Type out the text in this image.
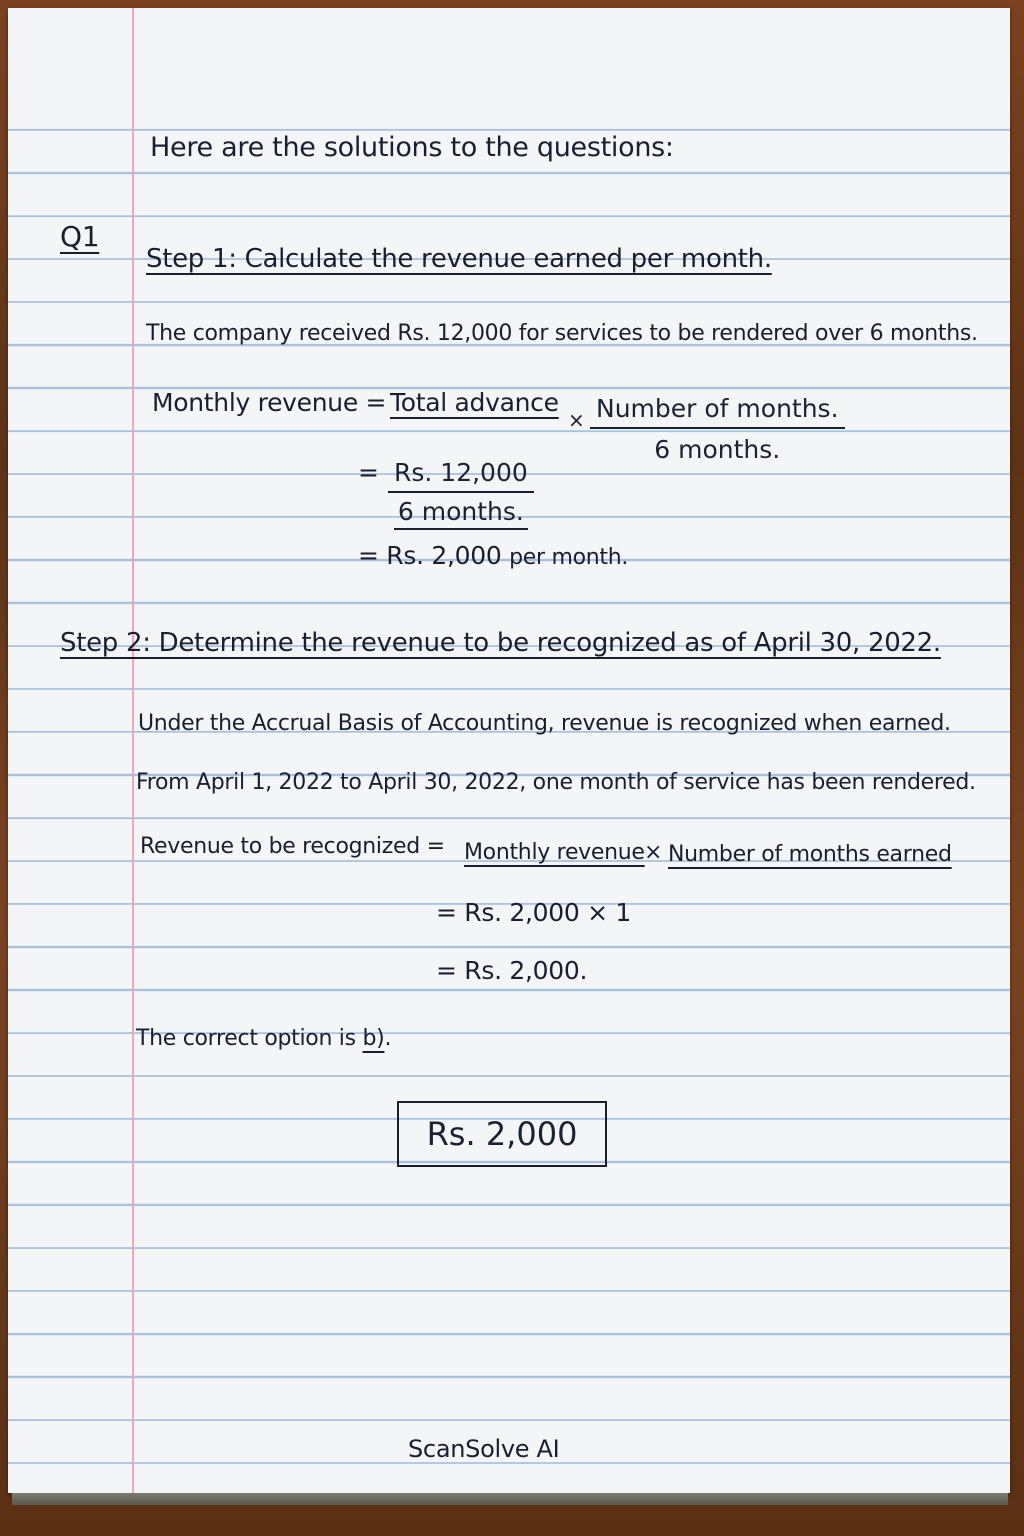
Here are the solutions to the questions:
Q1
Step 1: Calculate the revenue earned per month.
The company received Rs. 12,000 for services to be rendered over 6 months.
Monthly revenue = Total advance
× Number of months.
6 months.
= Rs. 12,000
6 months.
= Rs. 2,000 per month.
Step 2: Determine the revenue to be recognized as of April 30, 2022.
Under the Accrual Basis of Accounting, revenue is recognized when earned.
From April 1, 2022 to April 30, 2022, one month of service has been rendered.
Revenue to be recognized = Monthly revenue × Number of months earned
= Rs. 2,000 × 1
= Rs. 2,000.
The correct option is b).
Rs. 2,000
ScanSolve AI
